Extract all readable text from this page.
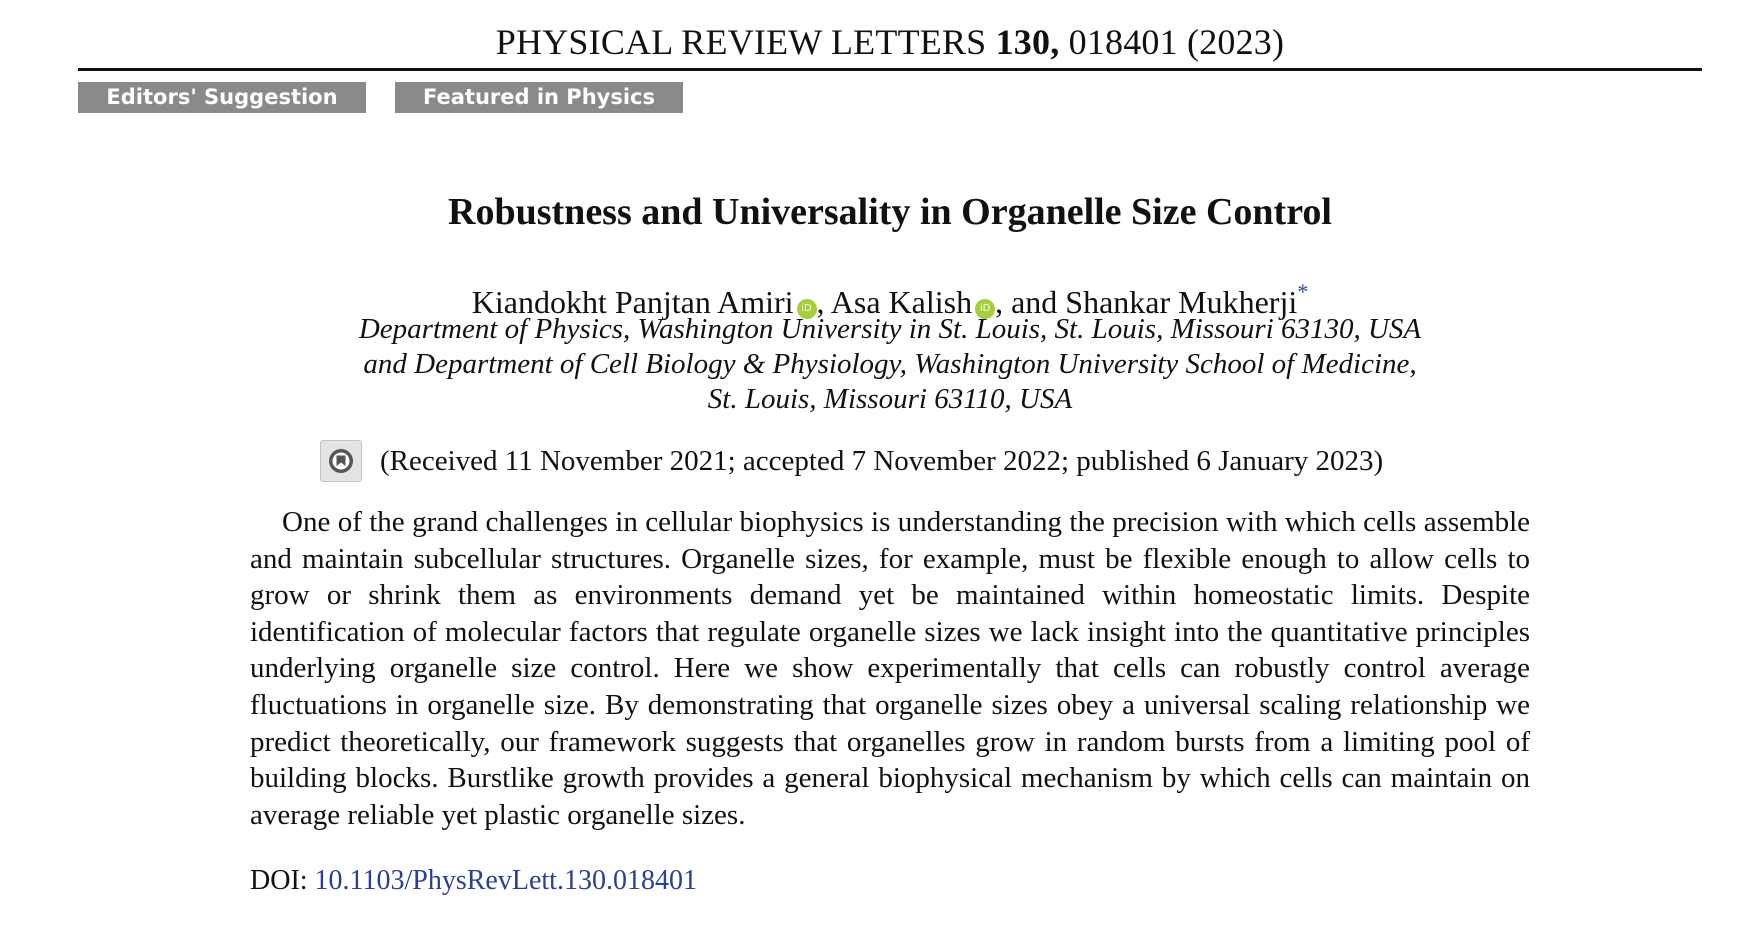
PHYSICAL REVIEW LETTERS 130, 018401 (2023)
Editors' Suggestion	Featured in Physics
Robustness and Universality in Organelle Size Control
Kiandokht Panjtan Amiri iD , Asa Kalish iD , and Shankar Mukherji*
Department of Physics, Washington University in St. Louis, St. Louis, Missouri 63130, USA
and Department of Cell Biology & Physiology, Washington University School of Medicine,
St. Louis, Missouri 63110, USA
(Received 11 November 2021; accepted 7 November 2022; published 6 January 2023)

One of the grand challenges in cellular biophysics is understanding the precision with which cells assemble and maintain subcellular structures. Organelle sizes, for example, must be flexible enough to allow cells to grow or shrink them as environments demand yet be maintained within homeostatic limits. Despite identification of molecular factors that regulate organelle sizes we lack insight into the quantitative principles underlying organelle size control. Here we show experimentally that cells can robustly control average fluctuations in organelle size. By demonstrating that organelle sizes obey a universal scaling relationship we predict theoretically, our framework suggests that organelles grow in random bursts from a limiting pool of building blocks. Burstlike growth provides a general biophysical mechanism by which cells can maintain on average reliable yet plastic organelle sizes.

DOI: 10.1103/PhysRevLett.130.018401
